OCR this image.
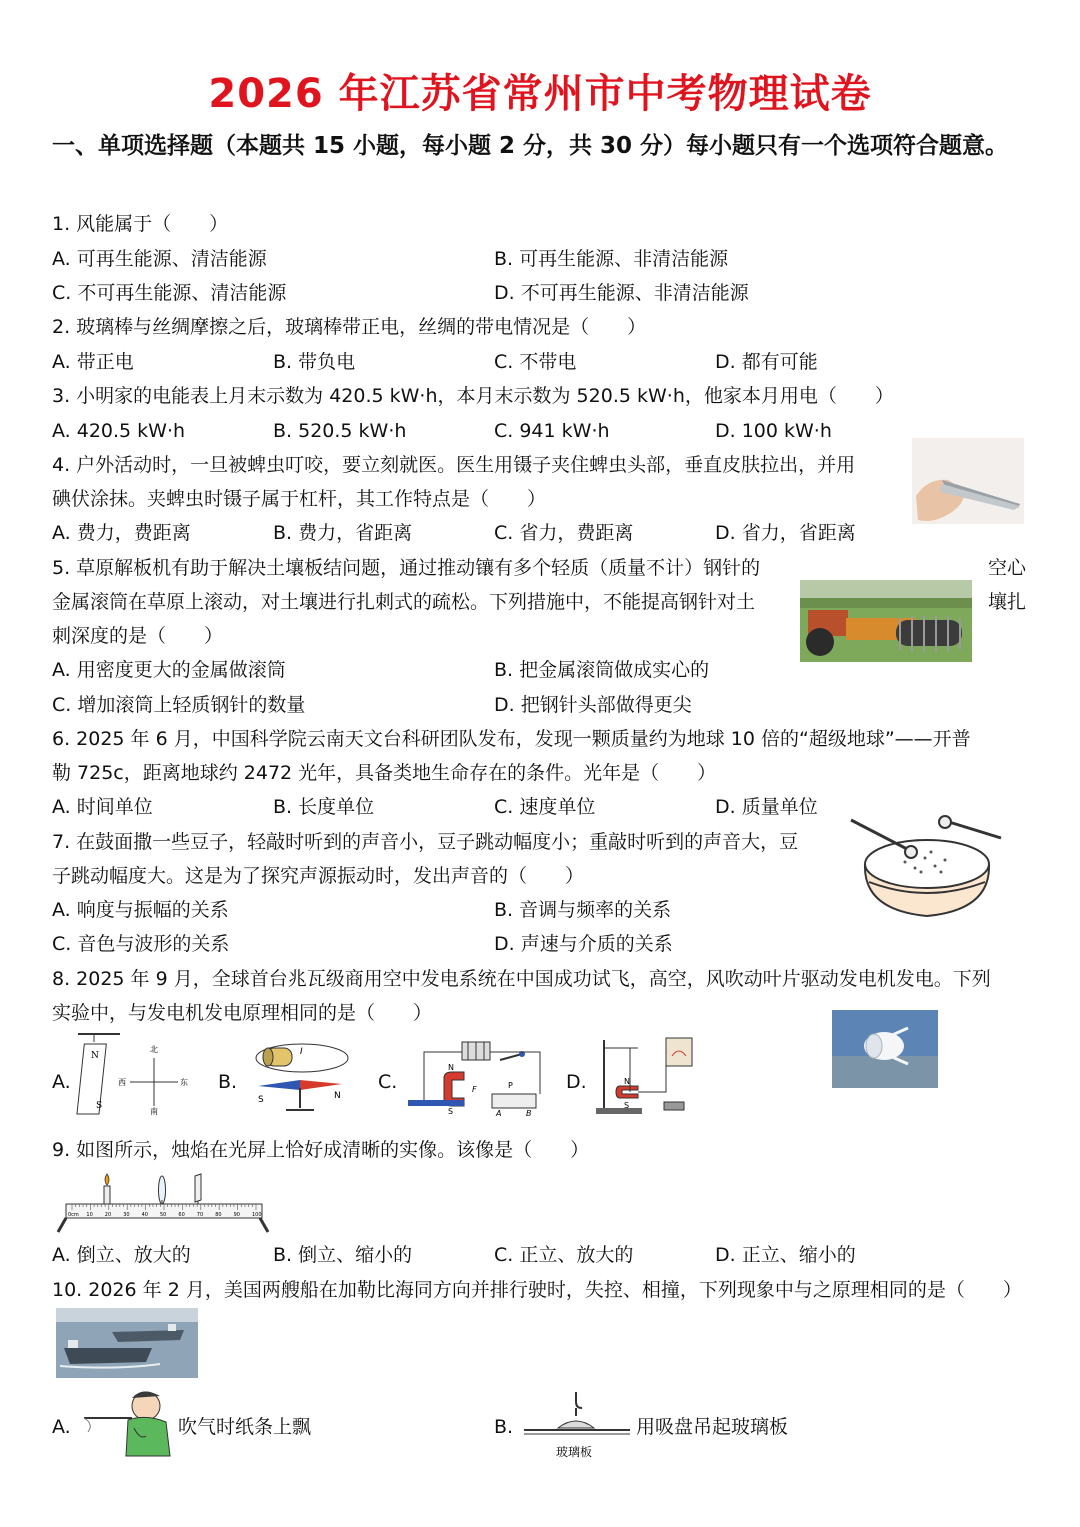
2026 年江苏省常州市中考物理试卷
一、单项选择题（本题共 15 小题，每小题 2 分，共 30 分）每小题只有一个选项符合题意。
1. 风能属于（　　）
A. 可再生能源、清洁能源	B. 可再生能源、非清洁能源
C. 不可再生能源、清洁能源	D. 不可再生能源、非清洁能源
2. 玻璃棒与丝绸摩擦之后，玻璃棒带正电，丝绸的带电情况是（　　）
A. 带正电	B. 带负电	C. 不带电	D. 都有可能
3. 小明家的电能表上月末示数为 420.5 kW·h，本月末示数为 520.5 kW·h，他家本月用电（　　）
A. 420.5 kW·h	B. 520.5 kW·h	C. 941 kW·h	D. 100 kW·h
4. 户外活动时，一旦被蜱虫叮咬，要立刻就医。医生用镊子夹住蜱虫头部，垂直皮肤拉出，并用
碘伏涂抹。夹蜱虫时镊子属于杠杆，其工作特点是（　　）
A. 费力，费距离	B. 费力，省距离	C. 省力，费距离	D. 省力，省距离
5. 草原解板机有助于解决土壤板结问题，通过推动镶有多个轻质（质量不计）钢针的	空心
金属滚筒在草原上滚动，对土壤进行扎刺式的疏松。下列措施中，不能提高钢针对土	壤扎
刺深度的是（　　）
A. 用密度更大的金属做滚筒	B. 把金属滚筒做成实心的
C. 增加滚筒上轻质钢针的数量	D. 把钢针头部做得更尖
6. 2025 年 6 月，中国科学院云南天文台科研团队发布，发现一颗质量约为地球 10 倍的“超级地球”——开普
勒 725c，距离地球约 2472 光年，具备类地生命存在的条件。光年是（　　）
A. 时间单位	B. 长度单位	C. 速度单位	D. 质量单位
7. 在鼓面撒一些豆子，轻敲时听到的声音小，豆子跳动幅度小；重敲时听到的声音大，豆
子跳动幅度大。这是为了探究声源振动时，发出声音的（　　）
A. 响度与振幅的关系	B. 音调与频率的关系
C. 音色与波形的关系	D. 声速与介质的关系
8. 2025 年 9 月，全球首台兆瓦级商用空中发电系统在中国成功试飞，高空，风吹动叶片驱动发电机发电。下列
实验中，与发电机发电原理相同的是（　　）
A.
N
S
北
南
西	东 B.
I
S	N
C.
N
S
F	P
A	B
D.	N
S
9. 如图所示，烛焰在光屏上恰好成清晰的实像。该像是（　　）
0cm 10 20 30 40 50 60 70 80 90 100
A. 倒立、放大的	B. 倒立、缩小的	C. 正立、放大的	D. 正立、缩小的
10. 2026 年 2 月，美国两艘船在加勒比海同方向并排行驶时，失控、相撞，下列现象中与之原理相同的是（　　）
A.	吹气时纸条上飘	B.
玻璃板
用吸盘吊起玻璃板
